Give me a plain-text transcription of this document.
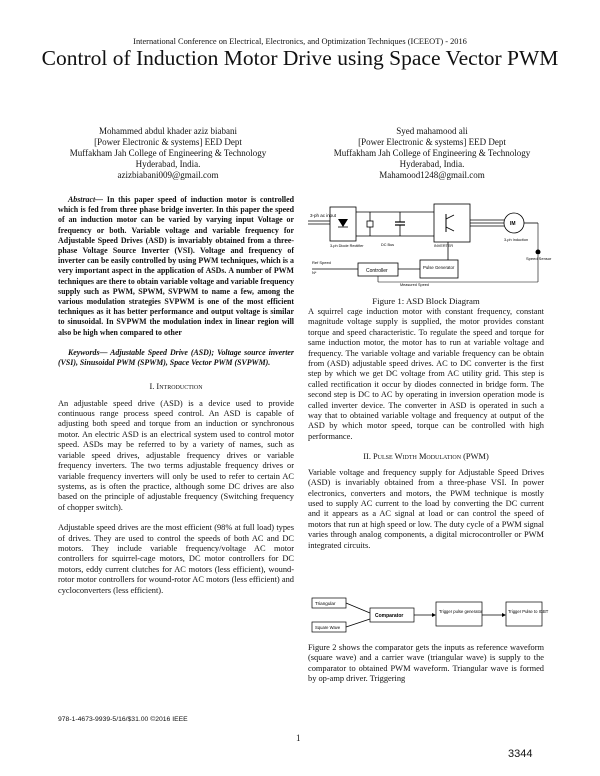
International Conference on Electrical, Electronics, and Optimization Techniques (ICEEOT) - 2016
Control of Induction Motor Drive using Space Vector PWM
Mohammed abdul khader aziz biabani
[Power Electronic & systems] EED Dept
Muffakham Jah College of Engineering & Technology
Hyderabad, India.
azizbiabani009@gmail.com
Syed mahamood ali
[Power Electronic & systems] EED Dept
Muffakham Jah College of Engineering & Technology
Hyderabad, India.
Mahamood1248@gmail.com

Abstract— In this paper speed of induction motor is controlled which is fed from three phase bridge inverter. In this paper the speed of an induction motor can be varied by varying input Voltage or frequency or both. Variable voltage and variable frequency for Adjustable Speed Drives (ASD) is invariably obtained from a three-phase Voltage Source Inverter (VSI). Voltage and frequency of inverter can be easily controlled by using PWM techniques, which is a very important aspect in the application of ASDs. A number of PWM techniques are there to obtain variable voltage and variable frequency supply such as PWM, SPWM, SVPWM to name a few, among the various modulation strategies SVPWM is one of the most efficient techniques as it has better performance and output voltage is similar to sinusoidal. In SVPWM the modulation index in linear region will also be high when compared to other

Keywords— Adjustable Speed Drive (ASD); Voltage source inverter (VSI), Sinusoidal PWM (SPWM), Space Vector PWM (SVPWM).

I. Introduction

An adjustable speed drive (ASD) is a device used to provide continuous range process speed control. An ASD is capable of adjusting both speed and torque from an induction or synchronous motor. An electric ASD is an electrical system used to control motor speed. ASDs may be referred to by a variety of names, such as variable speed drives, adjustable frequency drives or variable frequency inverters. The two terms adjustable frequency drives or variable frequency inverters will only be used to refer to certain AC systems, as is often the practice, although some DC drives are also based on the principle of adjustable frequency (Switching frequency of chopper switch).

Adjustable speed drives are the most efficient (98% at full load) types of drives. They are used to control the speeds of both AC and DC motors. They include variable frequency/voltage AC motor controllers for squirrel-cage motors, DC motor controllers for DC motors, eddy current clutches for AC motors (less efficient), wound-rotor motor controllers for wound-rotor AC motors (less efficient) and cycloconverters (less efficient).

3-ph ac input
3-ph Diode Rectifier	DC Bus	INVERTER
IM
3-ph Induction
Speed Sensor
Controller
Ref Speed
N*
Pulse Generator
Measured Speed
Figure 1: ASD Block Diagram

A squirrel cage induction motor with constant frequency, constant magnitude voltage supply is supplied, the motor provides constant torque and speed characteristic. To regulate the speed and torque for same induction motor, the motor has to run at variable voltage and frequency. The variable voltage and variable frequency can be obtain from (ASD) adjustable speed drives. AC to DC converter is the first step by which we get DC voltage from AC utility grid. This step is called rectification it occur by diodes connected in bridge form. The second step is DC to AC by operating in inversion operation mode is called inverter device. The converter in ASD is operated in such a way that to obtained variable voltage and frequency at output of the ASD by which motor speed, torque can be controlled with high performance.

II. Pulse Width Modulation (PWM)

Variable voltage and frequency supply for Adjustable Speed Drives (ASD) is invariably obtained from a three-phase VSI. In power electronics, converters and motors, the PWM technique is mostly used to supply AC current to the load by converting the DC current and it appears as a AC signal at load or can control the speed of motors that run at high speed or low. The duty cycle of a PWM signal varies through analog components, a digital microcontroller or PWM integrated circuits.

Triangular
Square Wave
Comparator
Trigger pulse generator	Trigger Pulse to IGBT

Figure 2 shows the comparator gets the inputs as reference waveform (square wave) and a carrier wave (triangular wave) is supply to the comparator to obtained PWM waveform. Triangular wave is formed by op-amp driver. Triggering

978-1-4673-9939-5/16/$31.00 ©2016 IEEE
1
3344
